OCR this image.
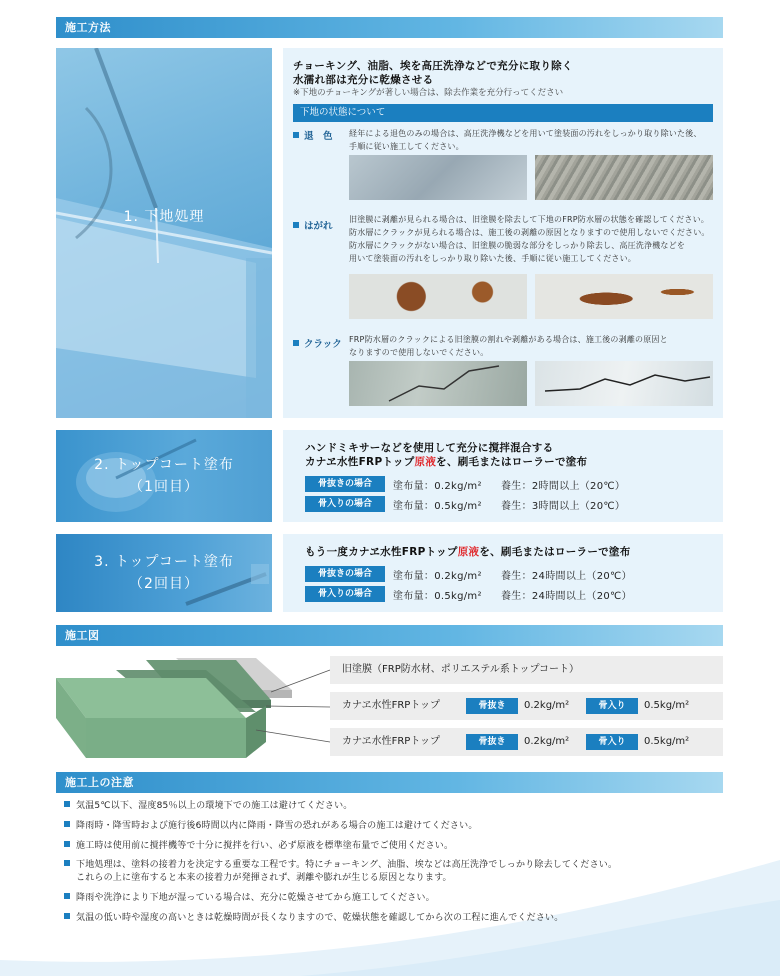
施工方法
1. 下地処理
チョーキング、油脂、埃を高圧洗浄などで充分に取り除く
水濡れ部は充分に乾燥させる
※下地のチョーキングが著しい場合は、除去作業を充分行ってください
下地の状態について
退　色 経年による退色のみの場合は、高圧洗浄機などを用いて塗装面の汚れをしっかり取り除いた後、
手順に従い施工してください。
はがれ
旧塗膜に剥離が見られる場合は、旧塗膜を除去して下地のFRP防水層の状態を確認してください。
防水層にクラックが見られる場合は、施工後の剥離の原因となりますので使用しないでください。
防水層にクラックがない場合は、旧塗膜の脆弱な部分をしっかり除去し、高圧洗浄機などを
用いて塗装面の汚れをしっかり取り除いた後、手順に従い施工してください。
クラック FRP防水層のクラックによる旧塗膜の割れや剥離がある場合は、施工後の剥離の原因と
なりますので使用しないでください。
2. トップコート塗布
（1回目）
ハンドミキサーなどを使用して充分に撹拌混合する
カナヱ水性FRPトップ原液を、刷毛またはローラーで塗布
骨抜きの場合	塗布量：0.2kg/m² 養生：2時間以上（20℃）
骨入りの場合	塗布量：0.5kg/m² 養生：3時間以上（20℃）
3. トップコート塗布
（2回目）
もう一度カナヱ水性FRPトップ原液を、刷毛またはローラーで塗布
骨抜きの場合	塗布量：0.2kg/m² 養生：24時間以上（20℃）
骨入りの場合	塗布量：0.5kg/m² 養生：24時間以上（20℃）
施工図
旧塗膜（FRP防水材、ポリエステル系トップコート）
カナヱ水性FRPトップ	骨抜き	0.2kg/m²	骨入り	0.5kg/m²
カナヱ水性FRPトップ	骨抜き	0.2kg/m²	骨入り	0.5kg/m²
施工上の注意
気温5℃以下、湿度85％以上の環境下での施工は避けてください。
降雨時・降雪時および施行後6時間以内に降雨・降雪の恐れがある場合の施工は避けてください。
施工時は使用前に撹拌機等で十分に撹拌を行い、必ず原液を標準塗布量でご使用ください。
下地処理は、塗料の接着力を決定する重要な工程です。特にチョーキング、油脂、埃などは高圧洗浄でしっかり除去してください。
これらの上に塗布すると本来の接着力が発揮されず、剥離や膨れが生じる原因となります。
降雨や洗浄により下地が湿っている場合は、充分に乾燥させてから施工してください。
気温の低い時や湿度の高いときは乾燥時間が長くなりますので、乾燥状態を確認してから次の工程に進んでください。
